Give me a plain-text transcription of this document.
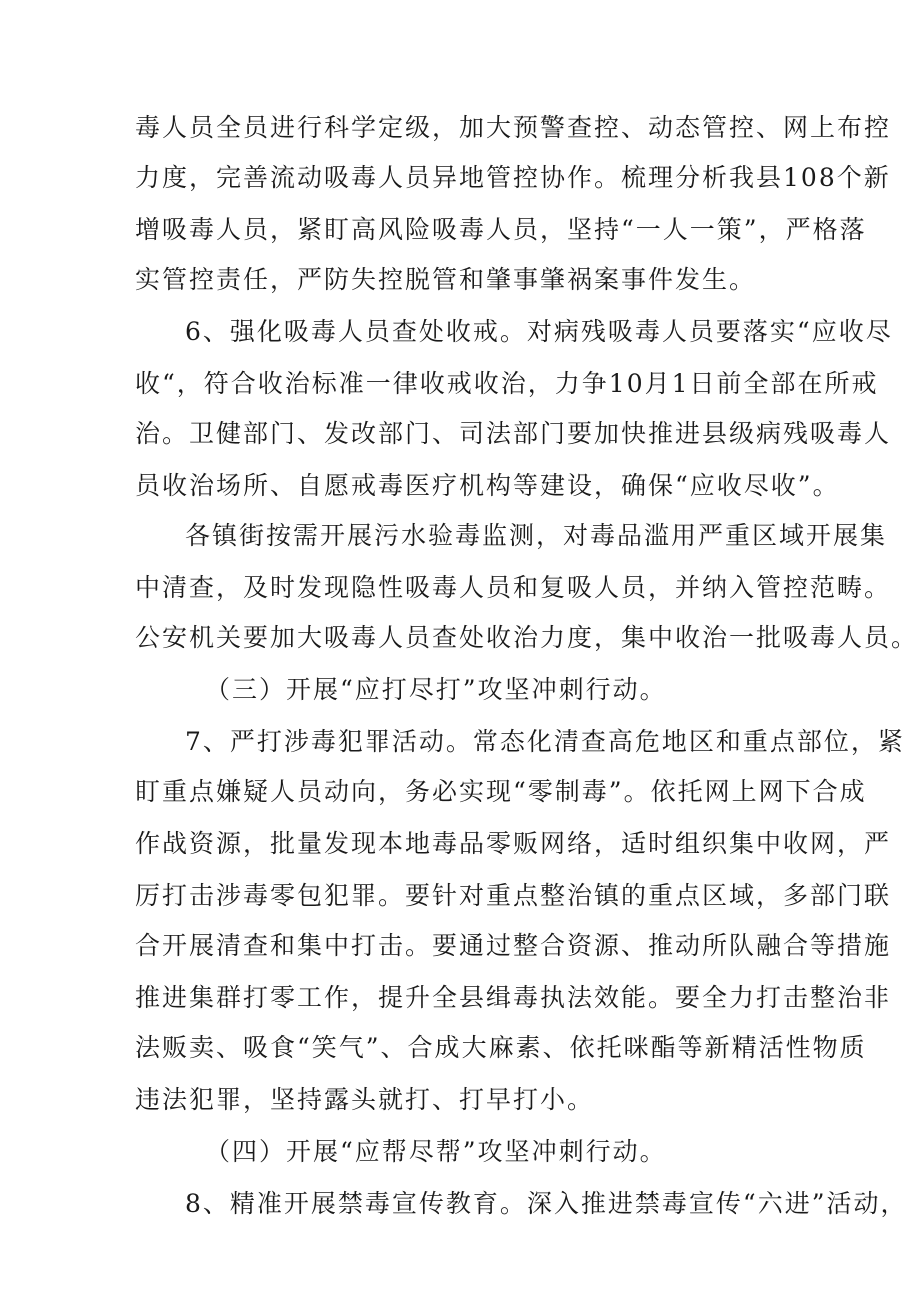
毒人员全员进行科学定级，加大预警查控、动态管控、网上布控
力度，完善流动吸毒人员异地管控协作。梳理分析我县108个新
增吸毒人员，紧盯高风险吸毒人员，坚持“一人一策”，严格落
实管控责任，严防失控脱管和肇事肇祸案事件发生。
6、强化吸毒人员查处收戒。对病残吸毒人员要落实“应收尽
收“，符合收治标准一律收戒收治，力争10月1日前全部在所戒
治。卫健部门、发改部门、司法部门要加快推进县级病残吸毒人
员收治场所、自愿戒毒医疗机构等建设，确保“应收尽收”。
各镇街按需开展污水验毒监测，对毒品滥用严重区域开展集
中清查，及时发现隐性吸毒人员和复吸人员，并纳入管控范畴。
公安机关要加大吸毒人员查处收治力度，集中收治一批吸毒人员。
（三）开展“应打尽打”攻坚冲刺行动。
7、严打涉毒犯罪活动。常态化清查高危地区和重点部位，紧
盯重点嫌疑人员动向，务必实现“零制毒”。依托网上网下合成
作战资源，批量发现本地毒品零贩网络，适时组织集中收网，严
厉打击涉毒零包犯罪。要针对重点整治镇的重点区域，多部门联
合开展清查和集中打击。要通过整合资源、推动所队融合等措施
推进集群打零工作，提升全县缉毒执法效能。要全力打击整治非
法贩卖、吸食“笑气”、合成大麻素、依托咪酯等新精活性物质
违法犯罪，坚持露头就打、打早打小。
（四）开展“应帮尽帮”攻坚冲刺行动。
8、精准开展禁毒宣传教育。深入推进禁毒宣传“六进”活动，
